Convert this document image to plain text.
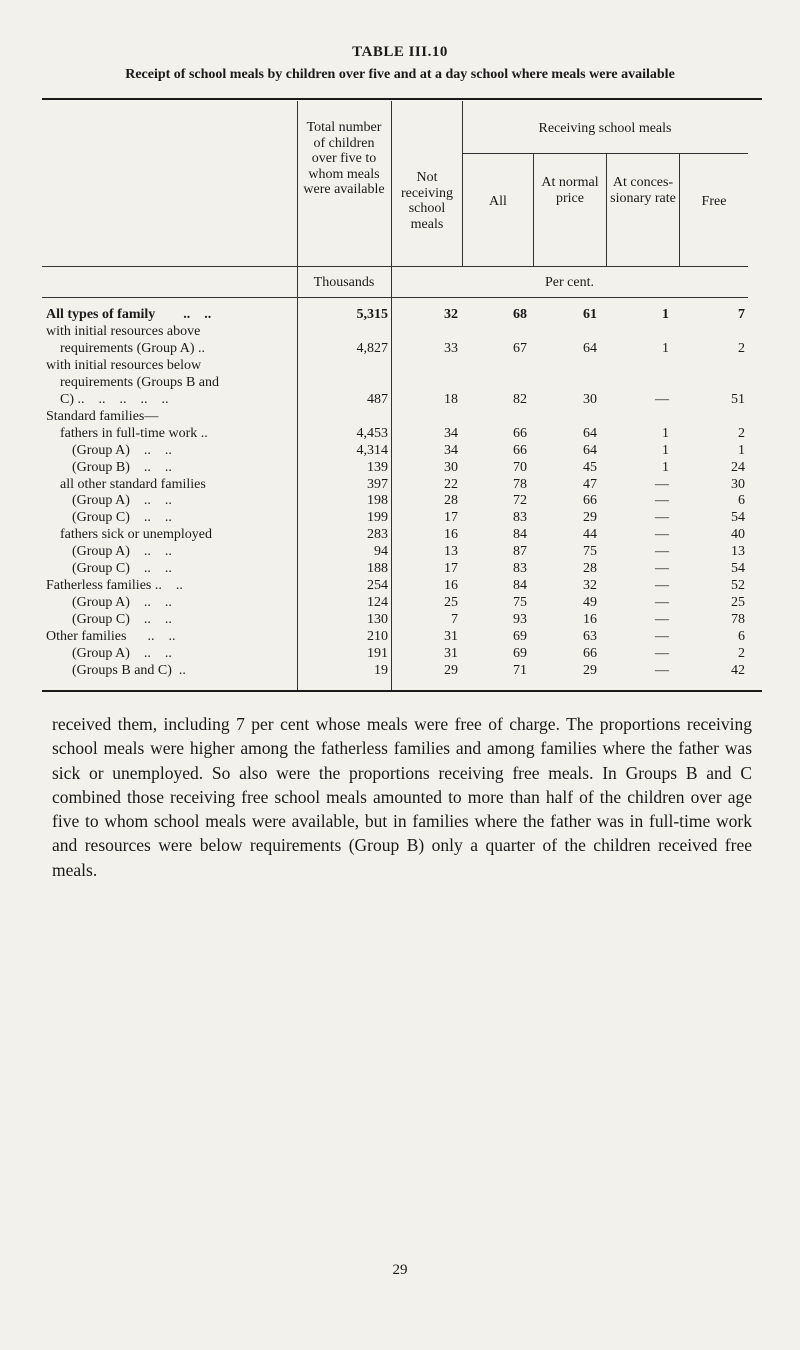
TABLE III.10
Receipt of school meals by children over five and at a day school where meals were available
Total number of children over five to whom meals were available
Not receiving school meals
Receiving school meals
All
At normal price
At conces- sionary rate	Free
Thousands	Per cent.
All types of family        ..    ..	5,315	32	68	61	1	7
with initial resources above
requirements (Group A) ..	4,827	33	67	64	1	2
with initial resources below
requirements (Groups B and
C) ..    ..    ..    ..    ..	487	18	82	30	—	51
Standard families—
fathers in full-time work ..	4,453	34	66	64	1	2
(Group A)    ..    ..	4,314	34	66	64	1	1
(Group B)    ..    ..	139	30	70	45	1	24
all other standard families	397	22	78	47	—	30
(Group A)    ..    ..	198	28	72	66	—	6
(Group C)    ..    ..	199	17	83	29	—	54
fathers sick or unemployed	283	16	84	44	—	40
(Group A)    ..    ..	94	13	87	75	—	13
(Group C)    ..    ..	188	17	83	28	—	54
Fatherless families ..    ..	254	16	84	32	—	52
(Group A)    ..    ..	124	25	75	49	—	25
(Group C)    ..    ..	130	7	93	16	—	78
Other families      ..    ..	210	31	69	63	—	6
(Group A)    ..    ..	191	31	69	66	—	2
(Groups B and C)  ..	19	29	71	29	—	42

received them, including 7 per cent whose meals were free of charge. The proportions receiving school meals were higher among the fatherless families and among families where the father was sick or unemployed. So also were the proportions receiving free meals. In Groups B and C combined those receiving free school meals amounted to more than half of the children over age five to whom school meals were available, but in families where the father was in full-time work and resources were below requirements (Group B) only a quarter of the children received free meals.

29
